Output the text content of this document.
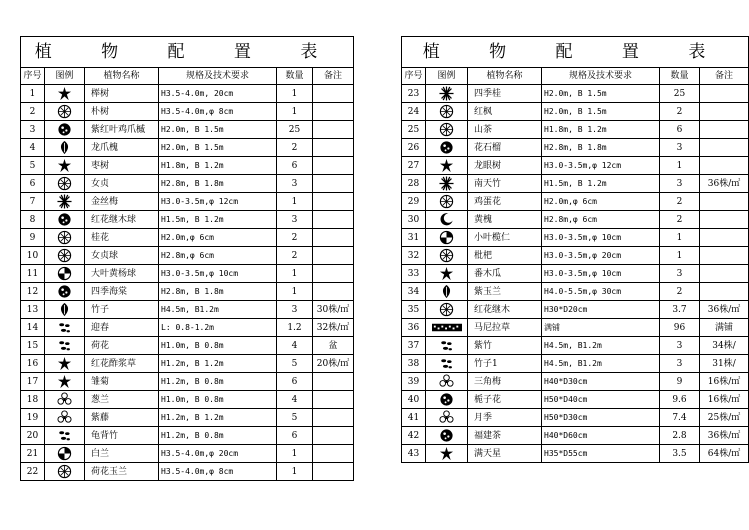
植 物 配 置 表					
序号	图例	植物名称	规格及技术要求	数量	备注
1		榉树	H3.5-4.0m, 20cm	1	
2		朴树	H3.5-4.0m,φ 8cm	1	
3		紫红叶鸡爪槭	H2.0m, B 1.5m	25	
4		龙爪槐	H2.0m, B 1.5m	2	
5		枣树	H1.8m, B 1.2m	6	
6		女贞	H2.8m, B 1.8m	3	
7		金丝梅	H3.0-3.5m,φ 12cm	1	
8		红花继木球	H1.5m, B 1.2m	3	
9		桂花	H2.0m,φ 6cm	2	
10		女贞球	H2.8m,φ 6cm	2	
11		大叶黄杨球	H3.0-3.5m,φ 10cm	1	
12		四季海棠	H2.8m, B 1.8m	1	
13		竹子	H4.5m, B1.2m	3	30株/㎡
14		迎春	L: 0.8-1.2m	1.2	32株/㎡
15		荷花	H1.0m, B 0.8m	4	盆
16		红花酢浆草	H1.2m, B 1.2m	5	20株/㎡
17		雏菊	H1.2m, B 0.8m	6	
18		葱兰	H1.0m, B 0.8m	4	
19		紫藤	H1.2m, B 1.2m	5	
20		龟背竹	H1.2m, B 0.8m	6	
21		白兰	H3.5-4.0m,φ 20cm	1	
22		荷花玉兰	H3.5-4.0m,φ 8cm	1	
植 物 配 置 表					
序号	图例	植物名称	规格及技术要求	数量	备注
23		四季桂	H2.0m, B 1.5m	25	
24		红枫	H2.0m, B 1.5m	2	
25		山茶	H1.8m, B 1.2m	6	
26		花石榴	H2.8m, B 1.8m	3	
27		龙眼树	H3.0-3.5m,φ 12cm	1	
28		南天竹	H1.5m, B 1.2m	3	36株/㎡
29		鸡蛋花	H2.0m,φ 6cm	2	
30		黄槐	H2.8m,φ 6cm	2	
31		小叶榄仁	H3.0-3.5m,φ 10cm	1	
32		枇杷	H3.0-3.5m,φ 20cm	1	
33		番木瓜	H3.0-3.5m,φ 10cm	3	
34		紫玉兰	H4.0-5.5m,φ 30cm	2	
35		红花继木	H30*D20cm	3.7	36株/㎡
36		马尼拉草	满铺	96	满铺
37		紫竹	H4.5m, B1.2m	3	34株/
38		竹子1	H4.5m, B1.2m	3	31株/
39		三角梅	H40*D30cm	9	16株/㎡
40		栀子花	H50*D40cm	9.6	16株/㎡
41		月季	H50*D30cm	7.4	25株/㎡
42		福建茶	H40*D60cm	2.8	36株/㎡
43		满天星	H35*D55cm	3.5	64株/㎡
